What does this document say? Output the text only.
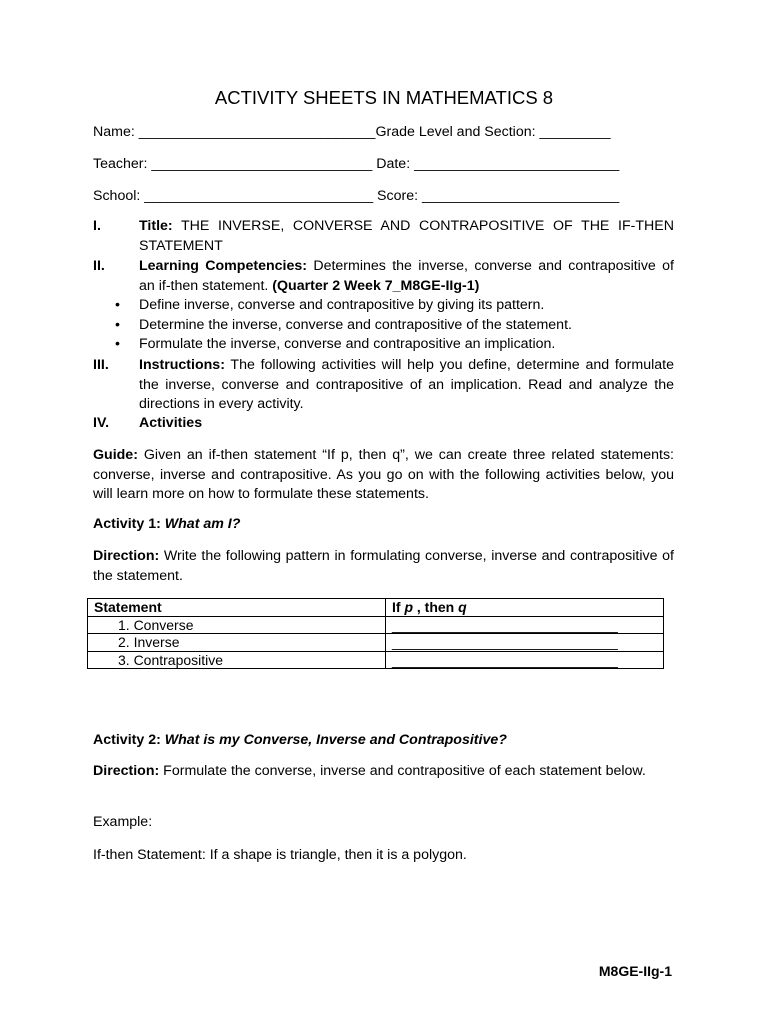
ACTIVITY SHEETS IN MATHEMATICS 8
Name: ______________________________Grade Level and Section: _________
Teacher: ____________________________ Date: __________________________
School: _____________________________ Score: _________________________
I.	Title: THE INVERSE, CONVERSE AND CONTRAPOSITIVE OF THE IF-THEN STATEMENT
II. Learning Competencies: Determines the inverse, converse and contrapositive of an if-then statement. (Quarter 2 Week 7_M8GE-IIg-1)
• Define inverse, converse and contrapositive by giving its pattern.
• Determine the inverse, converse and contrapositive of the statement.
• Formulate the inverse, converse and contrapositive an implication.
III. Instructions: The following activities will help you define, determine and formulate the inverse, converse and contrapositive of an implication. Read and analyze the directions in every activity.
IV. Activities
Guide: Given an if-then statement “If p, then q”, we can create three related statements: converse, inverse and contrapositive. As you go on with the following activities below, you will learn more on how to formulate these statements.
Activity 1: What am I?
Direction: Write the following pattern in formulating converse, inverse and contrapositive of the statement.
Statement	If p , then q
1. Converse	_____________________________
2. Inverse	_____________________________
3. Contrapositive	_____________________________
Activity 2: What is my Converse, Inverse and Contrapositive?
Direction: Formulate the converse, inverse and contrapositive of each statement below.
Example:
If-then Statement: If a shape is triangle, then it is a polygon.
M8GE-IIg-1
